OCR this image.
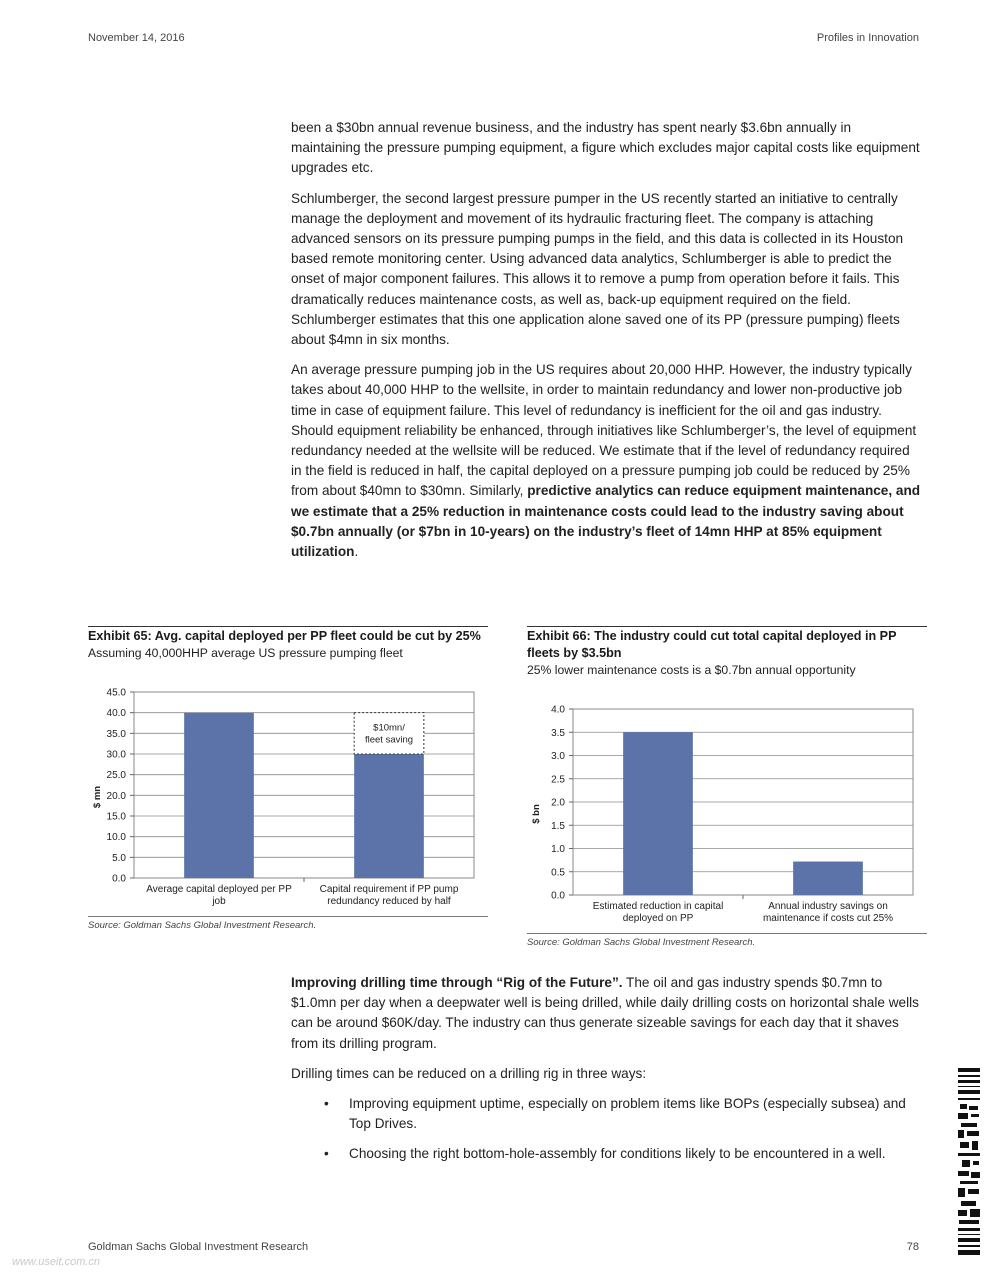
November 14, 2016	Profiles in Innovation

been a $30bn annual revenue business, and the industry has spent nearly $3.6bn annually in maintaining the pressure pumping equipment, a figure which excludes major capital costs like equipment upgrades etc.

Schlumberger, the second largest pressure pumper in the US recently started an initiative to centrally manage the deployment and movement of its hydraulic fracturing fleet. The company is attaching advanced sensors on its pressure pumping pumps in the field, and this data is collected in its Houston based remote monitoring center. Using advanced data analytics, Schlumberger is able to predict the onset of major component failures. This allows it to remove a pump from operation before it fails. This dramatically reduces maintenance costs, as well as, back-up equipment required on the field. Schlumberger estimates that this one application alone saved one of its PP (pressure pumping) fleets about $4mn in six months.

An average pressure pumping job in the US requires about 20,000 HHP. However, the industry typically takes about 40,000 HHP to the wellsite, in order to maintain redundancy and lower non-productive job time in case of equipment failure. This level of redundancy is inefficient for the oil and gas industry. Should equipment reliability be enhanced, through initiatives like Schlumberger’s, the level of equipment redundancy needed at the wellsite will be reduced. We estimate that if the level of redundancy required in the field is reduced in half, the capital deployed on a pressure pumping job could be reduced by 25% from about $40mn to $30mn. Similarly, predictive analytics can reduce equipment maintenance, and we estimate that a 25% reduction in maintenance costs could lead to the industry saving about $0.7bn annually (or $7bn in 10-years) on the industry’s fleet of 14mn HHP at 85% equipment utilization.

Exhibit 65: Avg. capital deployed per PP fleet could be cut by 25%
Assuming 40,000HHP average US pressure pumping fleet
0.0
5.0
10.0
15.0
20.0
25.0
30.0
35.0
40.0
45.0
$ mn
Average capital deployed per PP
job
Capital requirement if PP pump
redundancy reduced by half
$10mn/
fleet saving
Source: Goldman Sachs Global Investment Research.
Exhibit 66: The industry could cut total capital deployed in PP fleets by $3.5bn
25% lower maintenance costs is a $0.7bn annual opportunity
0.0
0.5
1.0
1.5
2.0
2.5
3.0
3.5
4.0
$ bn
Estimated reduction in capital
deployed on PP
Annual industry savings on
maintenance if costs cut 25%
Source: Goldman Sachs Global Investment Research.

Improving drilling time through “Rig of the Future”. The oil and gas industry spends $0.7mn to $1.0mn per day when a deepwater well is being drilled, while daily drilling costs on horizontal shale wells can be around $60K/day. The industry can thus generate sizeable savings for each day that it shaves from its drilling program.

Drilling times can be reduced on a drilling rig in three ways:

• Improving equipment uptime, especially on problem items like BOPs (especially subsea) and Top Drives.
• Choosing the right bottom-hole-assembly for conditions likely to be encountered in a well.
Goldman Sachs Global Investment Research	78
www.useit.com.cn
